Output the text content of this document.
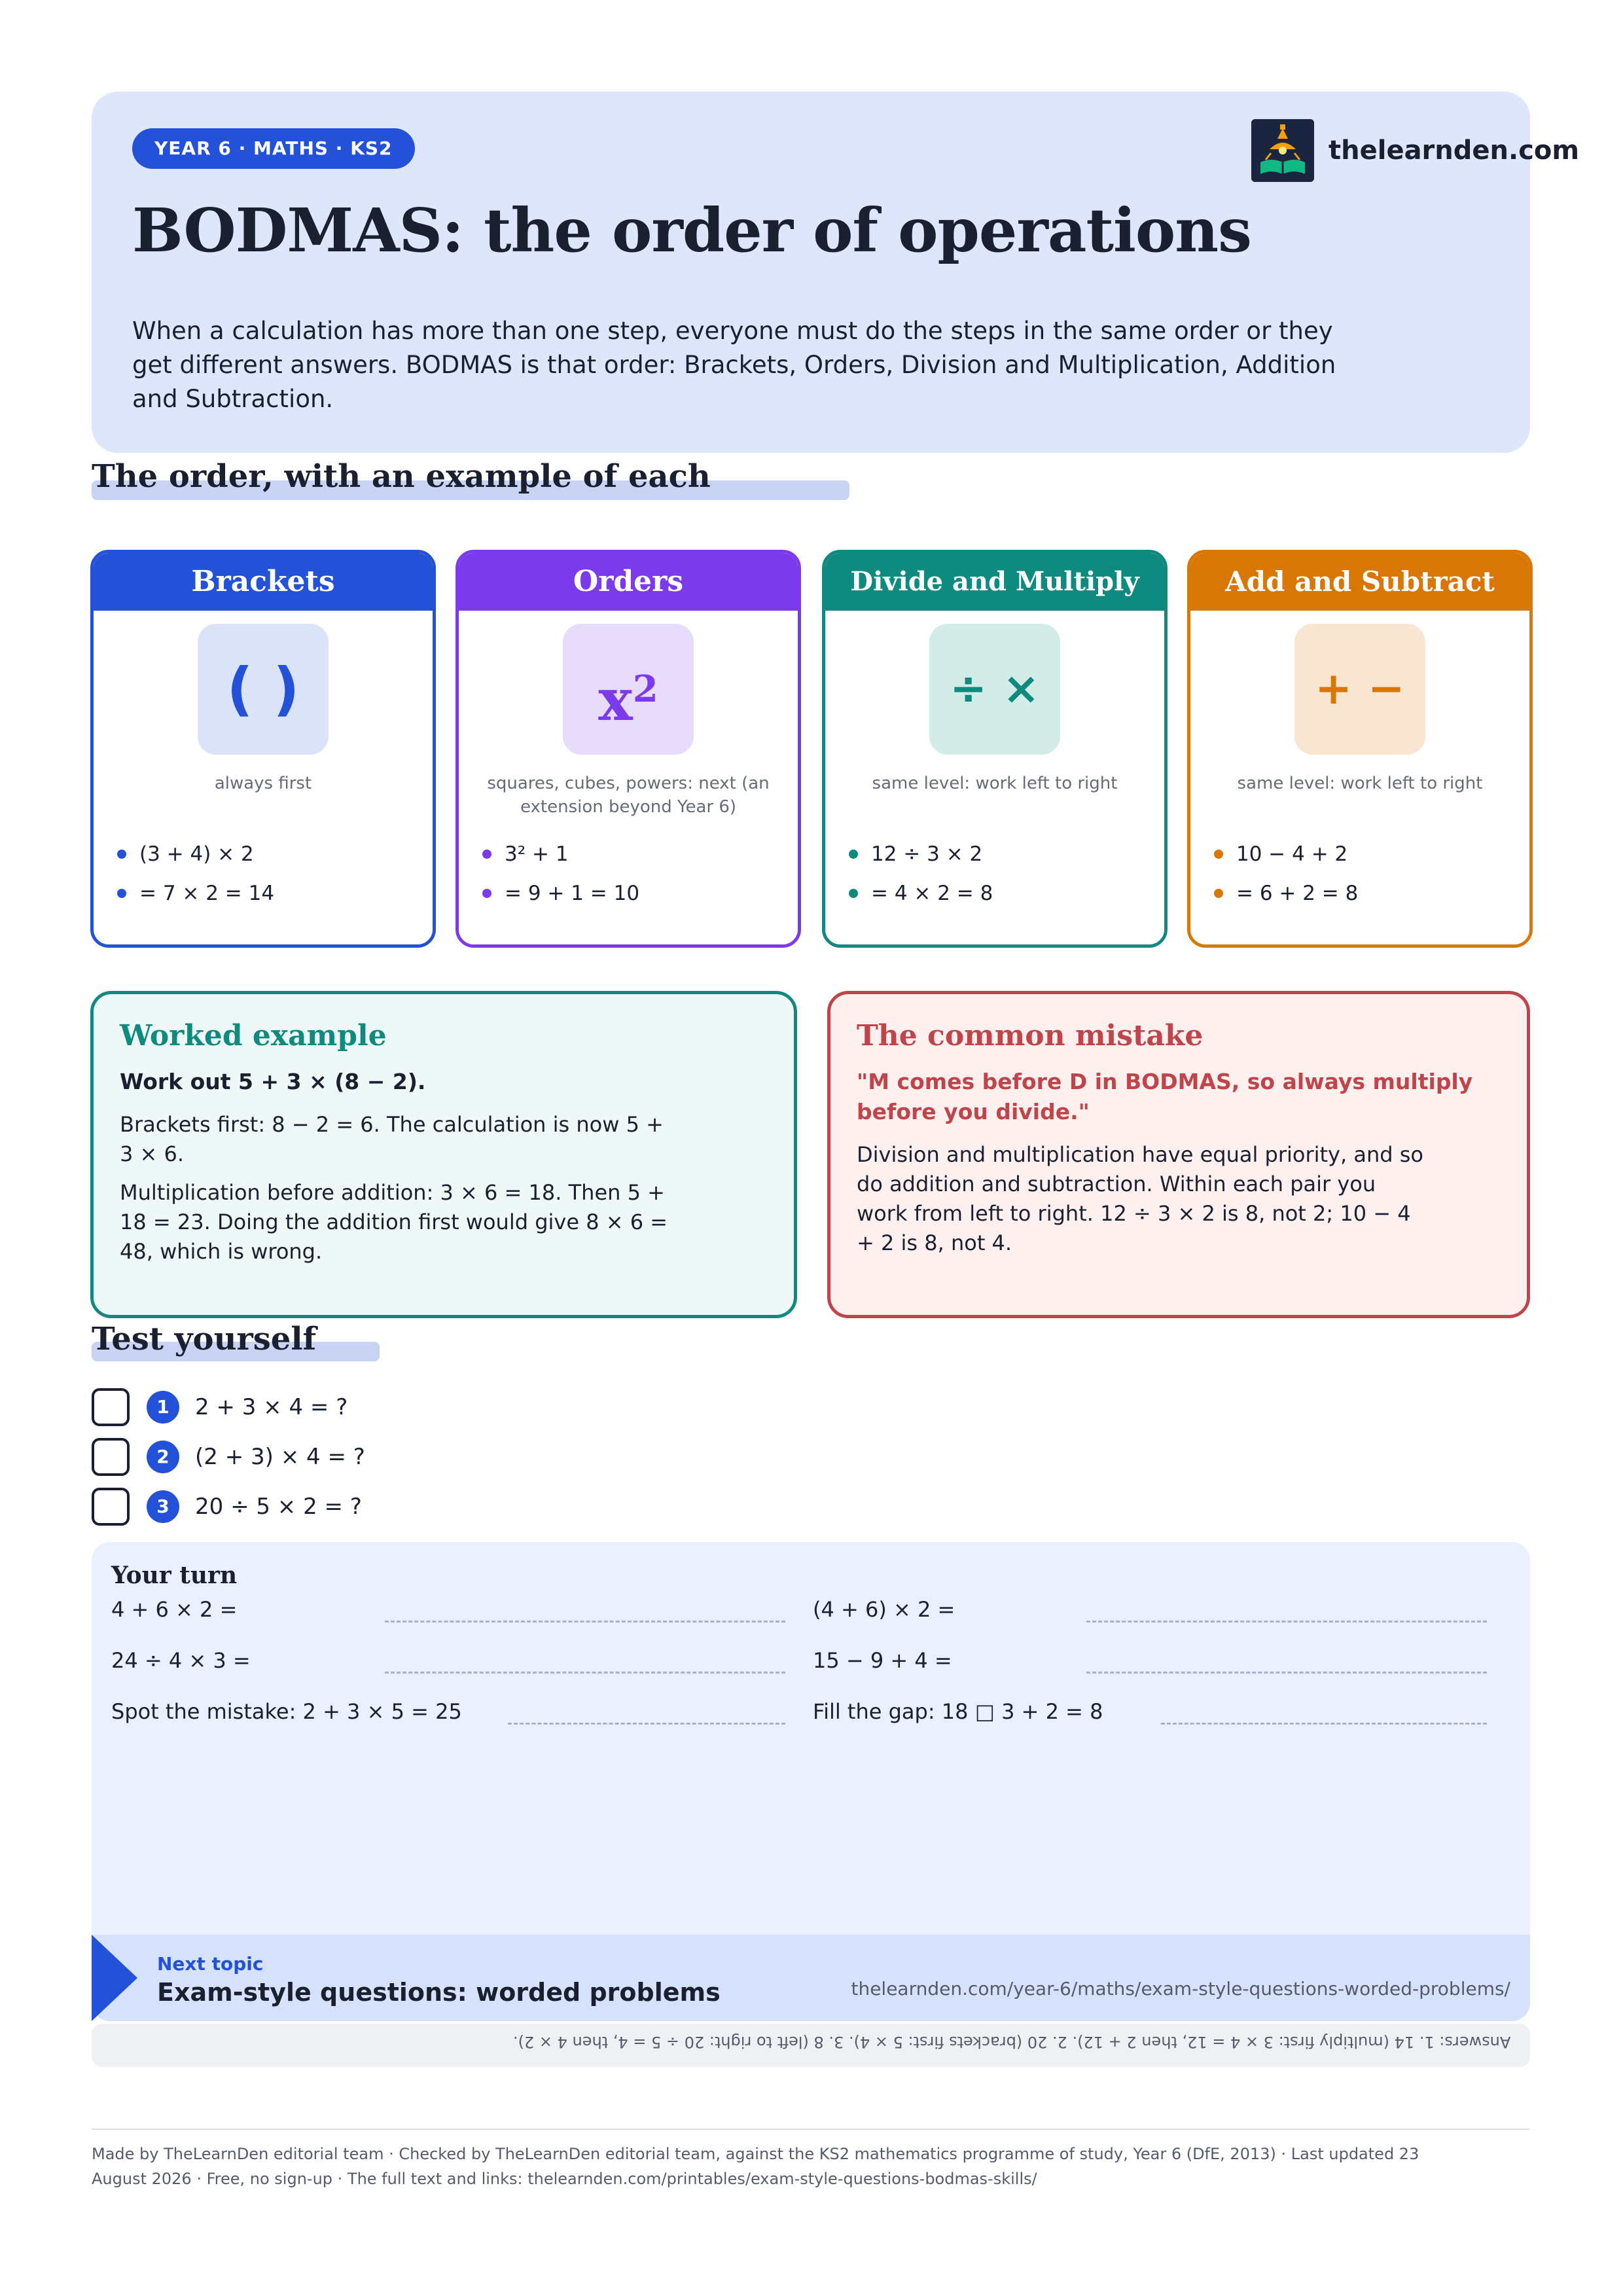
YEAR 6 · MATHS · KS2
BODMAS: the order of operations
When a calculation has more than one step, everyone must do the steps in the same order or they get different answers. BODMAS is that order: Brackets, Orders, Division and Multiplication, Addition and Subtraction.
thelearnden.com
The order, with an example of each
Brackets
( )
always first
(3 + 4) × 2
= 7 × 2 = 14
Orders
$x^2$
squares, cubes, powers: next (an extension beyond Year 6)
3² + 1
= 9 + 1 = 10
Divide and Multiply
÷ ×
same level: work left to right
12 ÷ 3 × 2
= 4 × 2 = 8
Add and Subtract
+ −
same level: work left to right
10 − 4 + 2
= 6 + 2 = 8
Worked example
Work out 5 + 3 × (8 − 2).

Brackets first: 8 − 2 = 6. The calculation is now 5 + 3 × 6.

Multiplication before addition: 3 × 6 = 18. Then 5 + 18 = 23. Doing the addition first would give 8 × 6 = 48, which is wrong.

The common mistake
"M comes before D in BODMAS, so always multiply before you divide."

Division and multiplication have equal priority, and so do addition and subtraction. Within each pair you work from left to right. 12 ÷ 3 × 2 is 8, not 2; 10 − 4 + 2 is 8, not 4.

Test yourself
1	2 + 3 × 4 = ?
2	(2 + 3) × 4 = ?
3	20 ÷ 5 × 2 = ?
Your turn
4 + 6 × 2 =	(4 + 6) × 2 =
24 ÷ 4 × 3 =	15 − 9 + 4 =
Spot the mistake: 2 + 3 × 5 = 25	Fill the gap: 18 □ 3 + 2 = 8
Next topic
Exam-style questions: worded problems	thelearnden.com/year-6/maths/exam-style-questions-worded-problems/
Answers: 1. 14 (multiply first: 3 × 4 = 12, then 2 + 12). 2. 20 (brackets first: 5 × 4). 3. 8 (left to right: 20 ÷ 5 = 4, then 4 × 2).
Made by TheLearnDen editorial team · Checked by TheLearnDen editorial team, against the KS2 mathematics programme of study, Year 6 (DfE, 2013) · Last updated 23 August 2026 · Free, no sign-up · The full text and links: thelearnden.com/printables/exam-style-questions-bodmas-skills/
